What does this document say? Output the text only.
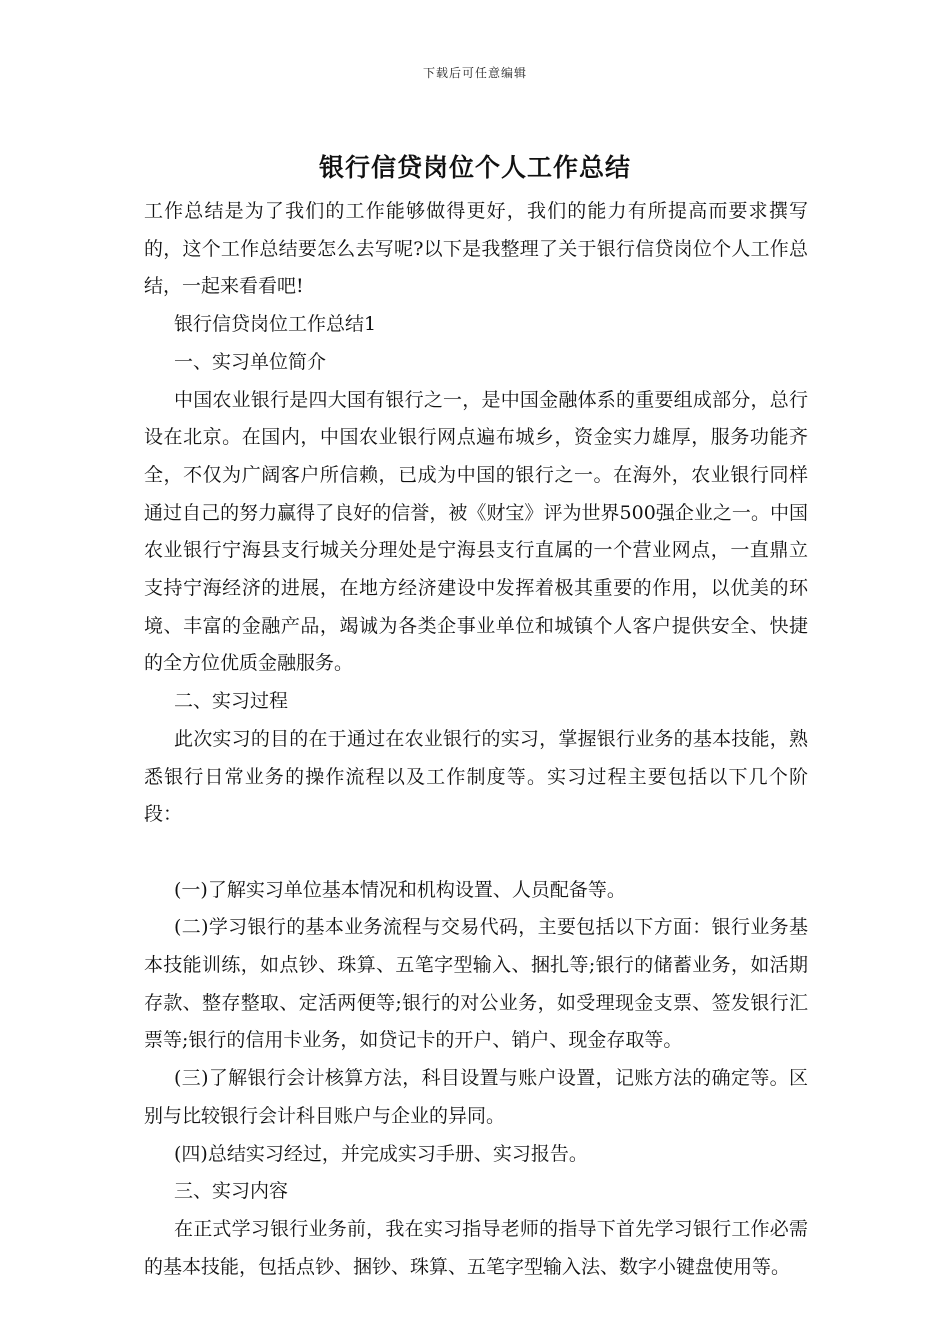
下载后可任意编辑
银行信贷岗位个人工作总结

工作总结是为了我们的工作能够做得更好，我们的能力有所提高而要求撰写的，这个工作总结要怎么去写呢?以下是我整理了关于银行信贷岗位个人工作总结，一起来看看吧!

银行信贷岗位工作总结1

一、实习单位简介

中国农业银行是四大国有银行之一，是中国金融体系的重要组成部分，总行设在北京。在国内，中国农业银行网点遍布城乡，资金实力雄厚，服务功能齐全，不仅为广阔客户所信赖，已成为中国的银行之一。在海外，农业银行同样通过自己的努力赢得了良好的信誉，被《财宝》评为世界500强企业之一。中国农业银行宁海县支行城关分理处是宁海县支行直属的一个营业网点，一直鼎立支持宁海经济的进展，在地方经济建设中发挥着极其重要的作用，以优美的环境、丰富的金融产品，竭诚为各类企事业单位和城镇个人客户提供安全、快捷的全方位优质金融服务。

二、实习过程

此次实习的目的在于通过在农业银行的实习，掌握银行业务的基本技能，熟悉银行日常业务的操作流程以及工作制度等。实习过程主要包括以下几个阶段：

(一)了解实习单位基本情况和机构设置、人员配备等。

(二)学习银行的基本业务流程与交易代码，主要包括以下方面：银行业务基本技能训练，如点钞、珠算、五笔字型输入、捆扎等;银行的储蓄业务，如活期存款、整存整取、定活两便等;银行的对公业务，如受理现金支票、签发银行汇票等;银行的信用卡业务，如贷记卡的开户、销户、现金存取等。

(三)了解银行会计核算方法，科目设置与账户设置，记账方法的确定等。区别与比较银行会计科目账户与企业的异同。

(四)总结实习经过，并完成实习手册、实习报告。

三、实习内容

在正式学习银行业务前，我在实习指导老师的指导下首先学习银行工作必需的基本技能，包括点钞、捆钞、珠算、五笔字型输入法、数字小键盘使用等。
